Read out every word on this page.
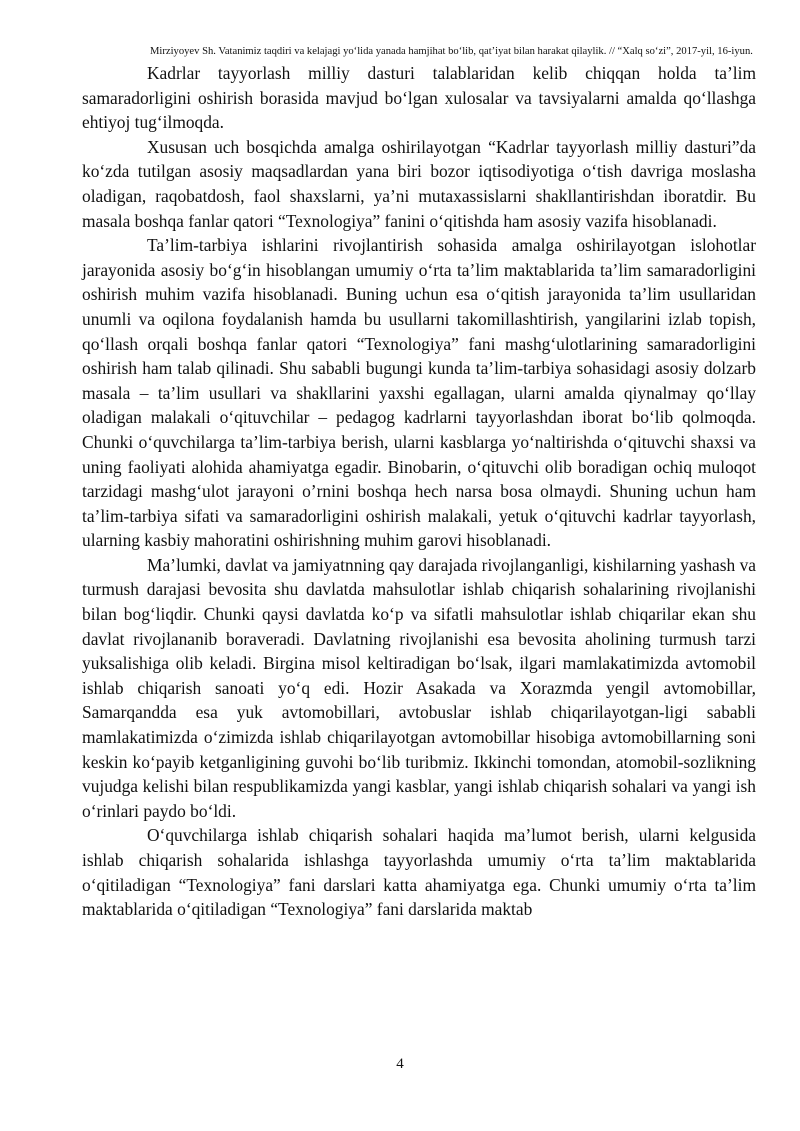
Mirziyoyev Sh. Vatanimiz taqdiri va kelajagi yo‘lida yanada hamjihat bo‘lib, qat’iyat bilan harakat qilaylik. // “Xalq so‘zi”, 2017-yil, 16-iyun.

Kadrlar tayyorlash milliy dasturi talablaridan kelib chiqqan holda ta’lim samaradorligini oshirish borasida mavjud bo‘lgan xulosalar va tavsiyalarni amalda qo‘llashga ehtiyoj tug‘ilmoqda.

Xususan uch bosqichda amalga oshirilayotgan “Kadrlar tayyorlash milliy dasturi”da ko‘zda tutilgan asosiy maqsadlardan yana biri bozor iqtisodiyotiga o‘tish davriga moslasha oladigan, raqobatdosh, faol shaxslarni, ya’ni mutaxassislarni shakllantirishdan iboratdir. Bu masala boshqa fanlar qatori “Texnologiya” fanini o‘qitishda ham asosiy vazifa hisoblanadi.

Ta’lim-tarbiya ishlarini rivojlantirish sohasida amalga oshirilayotgan islohotlar jarayonida asosiy bo‘g‘in hisoblangan umumiy o‘rta ta’lim maktablarida ta’lim samaradorligini oshirish muhim vazifa hisoblanadi. Buning uchun esa o‘qitish jarayonida ta’lim usullaridan unumli va oqilona foydalanish hamda bu usullarni takomillashtirish, yangilarini izlab topish, qo‘llash orqali boshqa fanlar qatori “Texnologiya” fani mashg‘ulotlarining samaradorligini oshirish ham talab qilinadi. Shu sababli bugungi kunda ta’lim-tarbiya sohasidagi asosiy dolzarb masala – ta’lim usullari va shakllarini yaxshi egallagan, ularni amalda qiynalmay qo‘llay oladigan malakali o‘qituvchilar – pedagog kadrlarni tayyorlashdan iborat bo‘lib qolmoqda. Chunki o‘quvchilarga ta’lim-tarbiya berish, ularni kasblarga yo‘naltirishda o‘qituvchi shaxsi va uning faoliyati alohida ahamiyatga egadir. Binobarin, o‘qituvchi olib boradigan ochiq muloqot tarzidagi mashg‘ulot jarayoni o’rnini boshqa hech narsa bosa olmaydi. Shuning uchun ham ta’lim-tarbiya sifati va samaradorligini oshirish malakali, yetuk o‘qituvchi kadrlar tayyorlash, ularning kasbiy mahoratini oshirishning muhim garovi hisoblanadi.

Ma’lumki, davlat va jamiyatnning qay darajada rivojlanganligi, kishilarning yashash va turmush darajasi bevosita shu davlatda mahsulotlar ishlab chiqarish sohalarining rivojlanishi bilan bog‘liqdir. Chunki qaysi davlatda ko‘p va sifatli mahsulotlar ishlab chiqarilar ekan shu davlat rivojlananib boraveradi. Davlatning rivojlanishi esa bevosita aholining turmush tarzi yuksalishiga olib keladi. Birgina misol keltiradigan bo‘lsak, ilgari mamlakatimizda avtomobil ishlab chiqarish sanoati yo‘q edi. Hozir Asakada va Xorazmda yengil avtomobillar, Samarqandda esa yuk avtomobillari, avtobuslar ishlab chiqarilayotgan-ligi sababli mamlakatimizda o‘zimizda ishlab chiqarilayotgan avtomobillar hisobiga avtomobillarning soni keskin ko‘payib ketganligining guvohi bo‘lib turibmiz. Ikkinchi tomondan, atomobil-sozlikning vujudga kelishi bilan respublikamizda yangi kasblar, yangi ishlab chiqarish sohalari va yangi ish o‘rinlari paydo bo‘ldi.

O‘quvchilarga ishlab chiqarish sohalari haqida ma’lumot berish, ularni kelgusida ishlab chiqarish sohalarida ishlashga tayyorlashda umumiy o‘rta ta’lim maktablarida o‘qitiladigan “Texnologiya” fani darslari katta ahamiyatga ega. Chunki umumiy o‘rta ta’lim maktablarida o‘qitiladigan “Texnologiya” fani darslarida maktab

4
